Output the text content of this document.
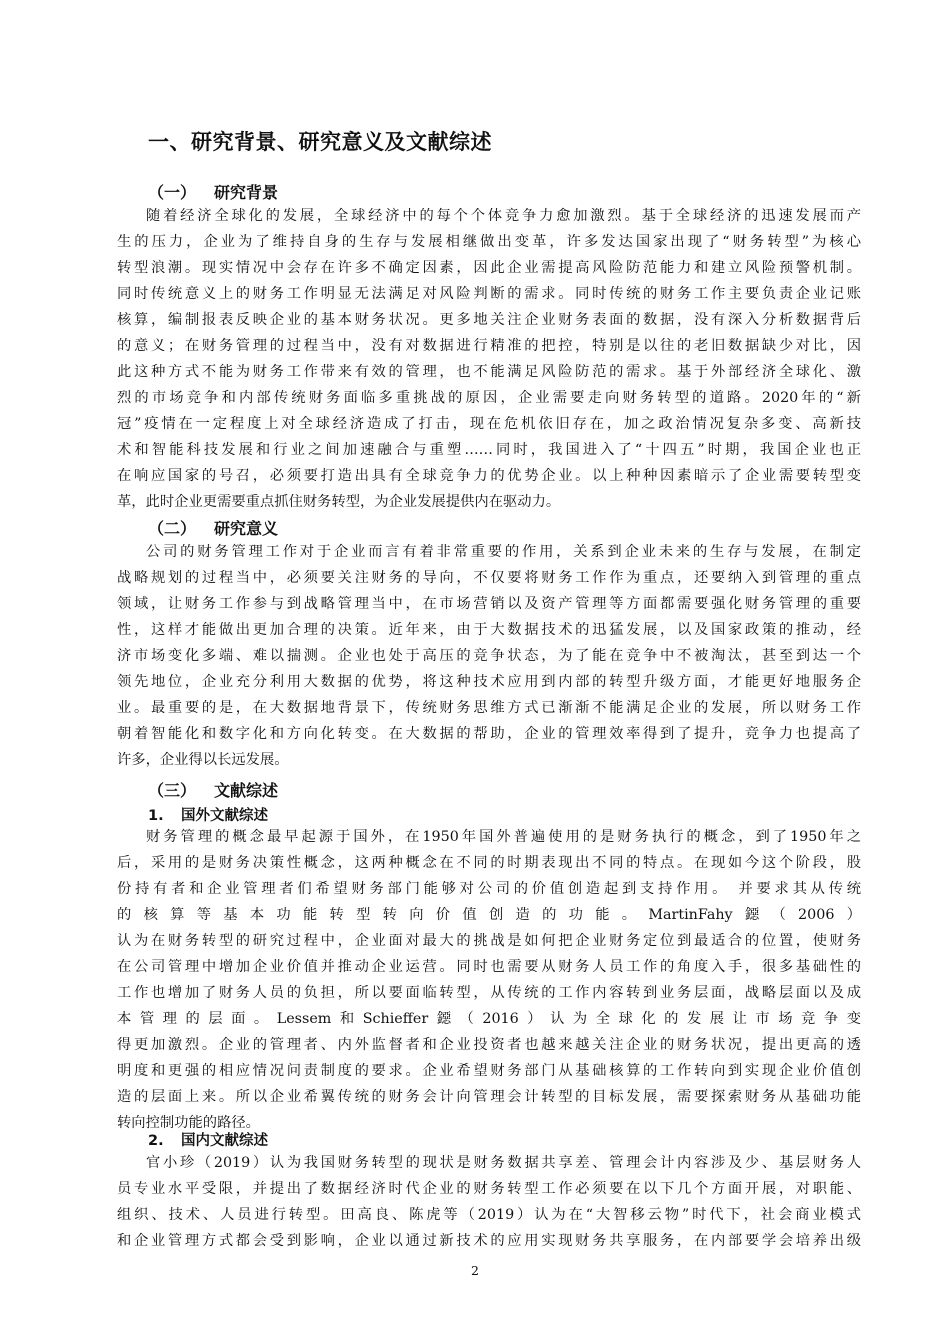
一、研究背景、研究意义及文献综述
（一） 研究背景
随着经济全球化的发展，全球经济中的每个个体竞争力愈加激烈。基于全球经济的迅速发展而产
生的压力，企业为了维持自身的生存与发展相继做出变革，许多发达国家出现了“财务转型”为核心
转型浪潮。现实情况中会存在许多不确定因素，因此企业需提高风险防范能力和建立风险预警机制。
同时传统意义上的财务工作明显无法满足对风险判断的需求。同时传统的财务工作主要负责企业记账
核算，编制报表反映企业的基本财务状况。更多地关注企业财务表面的数据，没有深入分析数据背后
的意义；在财务管理的过程当中，没有对数据进行精准的把控，特别是以往的老旧数据缺少对比，因
此这种方式不能为财务工作带来有效的管理，也不能满足风险防范的需求。基于外部经济全球化、激
烈的市场竞争和内部传统财务面临多重挑战的原因，企业需要走向财务转型的道路。2020年的“新
冠”疫情在一定程度上对全球经济造成了打击，现在危机依旧存在，加之政治情况复杂多变、高新技
术和智能科技发展和行业之间加速融合与重塑……同时，我国进入了“十四五”时期，我国企业也正
在响应国家的号召，必须要打造出具有全球竞争力的优势企业。以上种种因素暗示了企业需要转型变
革，此时企业更需要重点抓住财务转型，为企业发展提供内在驱动力。
（二） 研究意义
公司的财务管理工作对于企业而言有着非常重要的作用，关系到企业未来的生存与发展，在制定
战略规划的过程当中，必须要关注财务的导向，不仅要将财务工作作为重点，还要纳入到管理的重点
领域，让财务工作参与到战略管理当中，在市场营销以及资产管理等方面都需要强化财务管理的重要
性，这样才能做出更加合理的决策。近年来，由于大数据技术的迅猛发展，以及国家政策的推动，经
济市场变化多端、难以揣测。企业也处于高压的竞争状态，为了能在竞争中不被淘汰，甚至到达一个
领先地位，企业充分利用大数据的优势，将这种技术应用到内部的转型升级方面，才能更好地服务企
业。最重要的是，在大数据地背景下，传统财务思维方式已渐渐不能满足企业的发展，所以财务工作
朝着智能化和数字化和方向化转变。在大数据的帮助，企业的管理效率得到了提升，竞争力也提高了
许多，企业得以长远发展。
（三） 文献综述
1. 国外文献综述
财务管理的概念最早起源于国外，在1950年国外普遍使用的是财务执行的概念，到了1950年之
后，采用的是财务决策性概念，这两种概念在不同的时期表现出不同的特点。在现如今这个阶段，股
份持有者和企业管理者们希望财务部门能够对公司的价值创造起到支持作用。 并要求其从传统
的核算等基本功能转型转向价值创造的功能。MartinFahy鐚（2006）
认为在财务转型的研究过程中，企业面对最大的挑战是如何把企业财务定位到最适合的位置，使财务
在公司管理中增加企业价值并推动企业运营。同时也需要从财务人员工作的角度入手，很多基础性的
工作也增加了财务人员的负担，所以要面临转型，从传统的工作内容转到业务层面，战略层面以及成
本管理的层面。Lessem和Schieffer鐚（2016）认为全球化的发展让市场竞争变
得更加激烈。企业的管理者、内外监督者和企业投资者也越来越关注企业的财务状况，提出更高的透
明度和更强的相应情况问责制度的要求。企业希望财务部门从基础核算的工作转向到实现企业价值创
造的层面上来。所以企业希翼传统的财务会计向管理会计转型的目标发展，需要探索财务从基础功能
转向控制功能的路径。
2. 国内文献综述
官小珍（2019）认为我国财务转型的现状是财务数据共享差、管理会计内容涉及少、基层财务人
员专业水平受限，并提出了数据经济时代企业的财务转型工作必须要在以下几个方面开展，对职能、
组织、技术、人员进行转型。田高良、陈虎等（2019）认为在“大智移云物”时代下，社会商业模式
和企业管理方式都会受到影响，企业以通过新技术的应用实现财务共享服务，在内部要学会培养出级

2
